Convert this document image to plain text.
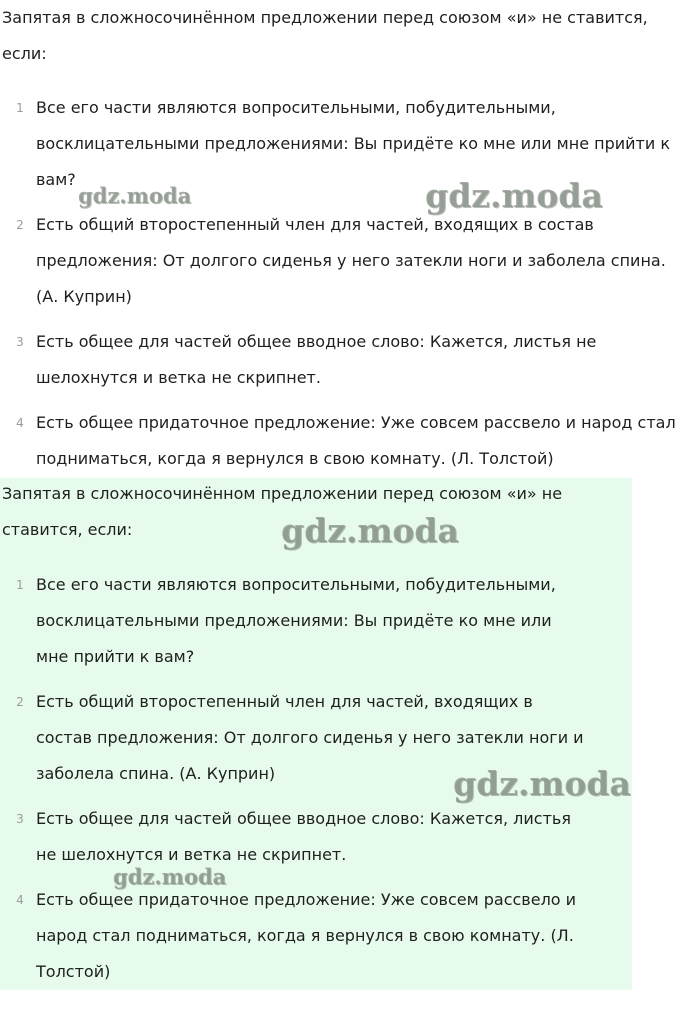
Запятая в сложносочинённом предложении перед союзом «и» не ставится, если:

1 Все его части являются вопросительными, побудительными, восклицательными предложениями: Вы придёте ко мне или мне прийти к вам?

2 Есть общий второстепенный член для частей, входящих в состав предложения: От долгого сиденья у него затекли ноги и заболела спина. (А. Куприн)

3 Есть общее для частей общее вводное слово: Кажется, листья не шелохнутся и ветка не скрипнет.

4 Есть общее придаточное предложение: Уже совсем рассвело и народ стал подниматься, когда я вернулся в свою комнату. (Л. Толстой)

Запятая в сложносочинённом предложении перед союзом «и» не ставится, если:

1 Все его части являются вопросительными, побудительными, восклицательными предложениями: Вы придёте ко мне или мне прийти к вам?

2 Есть общий второстепенный член для частей, входящих в состав предложения: От долгого сиденья у него затекли ноги и заболела спина. (А. Куприн)

3 Есть общее для частей общее вводное слово: Кажется, листья не шелохнутся и ветка не скрипнет.

4 Есть общее придаточное предложение: Уже совсем рассвело и народ стал подниматься, когда я вернулся в свою комнату. (Л. Толстой)

gdz.moda	gdz.moda
gdz.moda
gdz.moda
gdz.moda
